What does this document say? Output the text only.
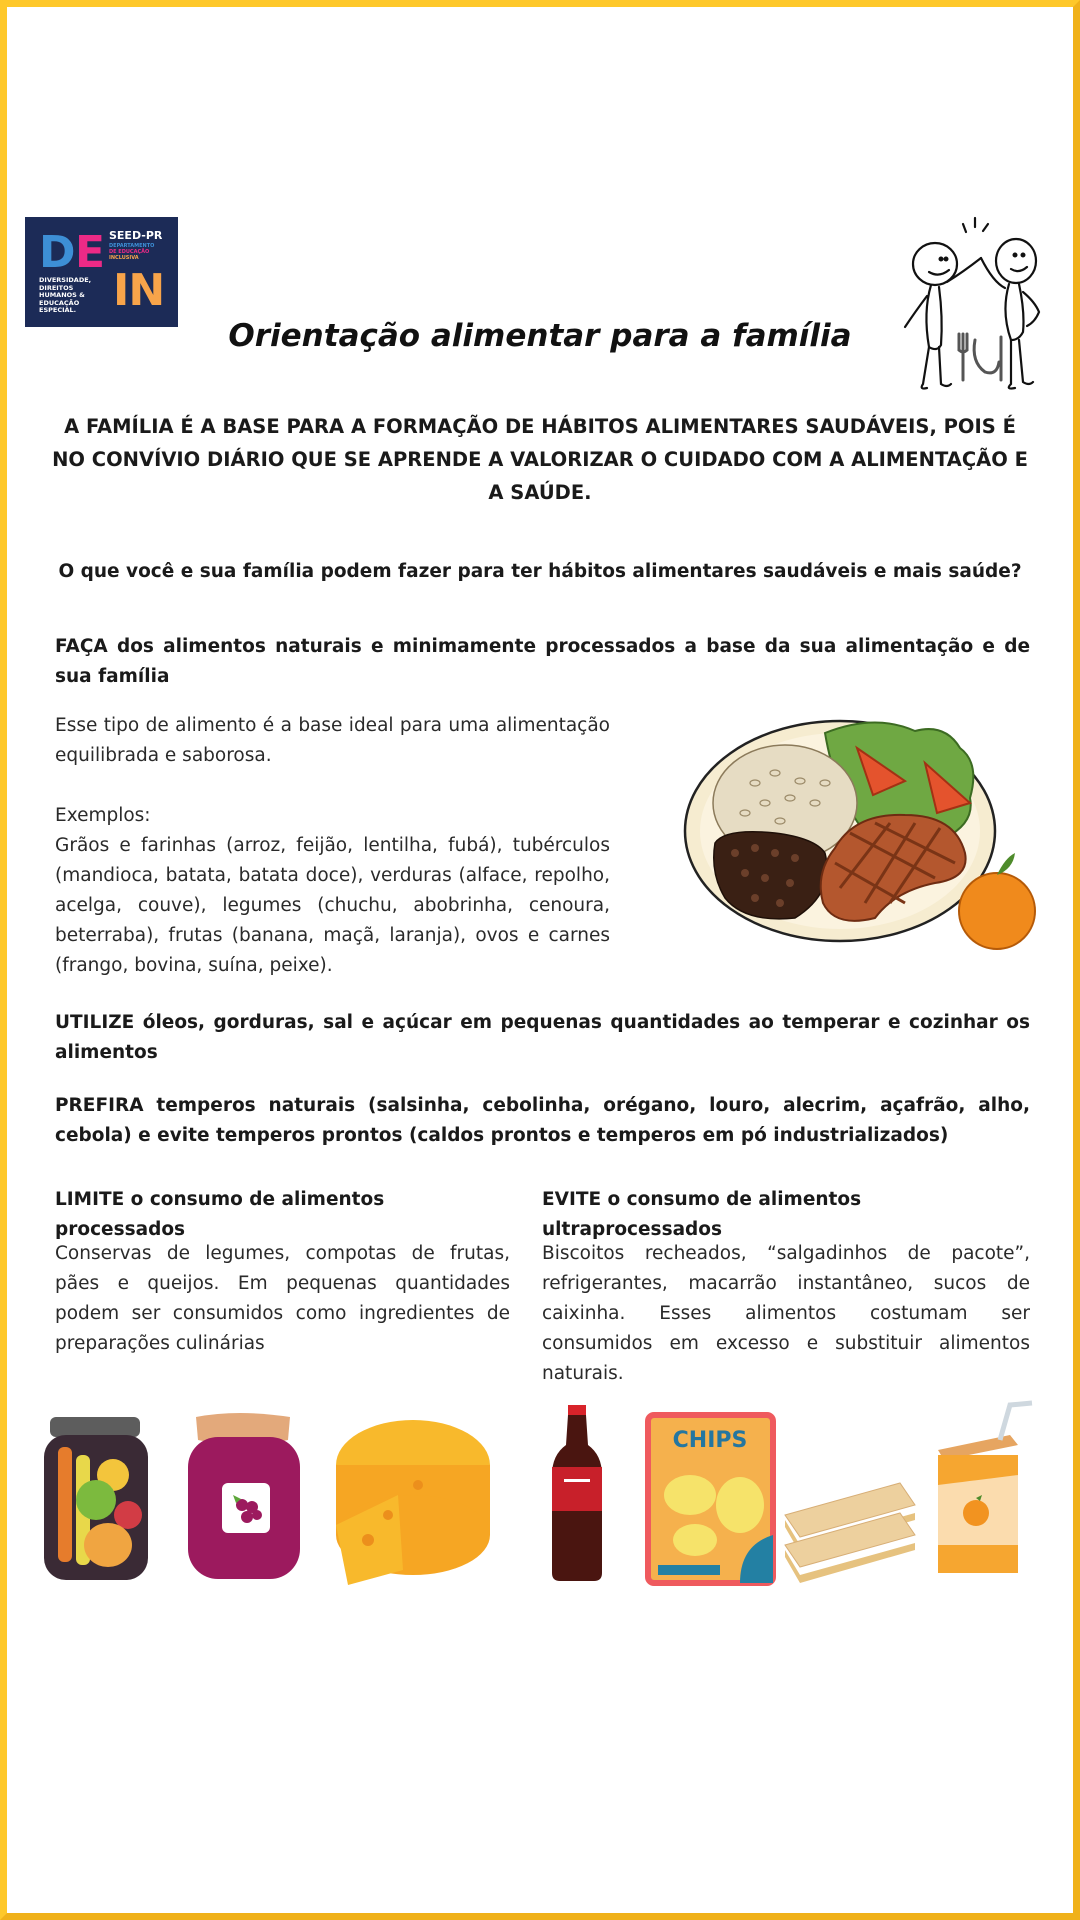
D E
IN
SEED-PR
DEPARTAMENTO
DE EDUCAÇÃO
INCLUSIVA
DIVERSIDADE,
DIREITOS
HUMANOS &
EDUCAÇÃO
ESPECIAL.
Orientação alimentar para a família
A FAMÍLIA É A BASE PARA A FORMAÇÃO DE HÁBITOS ALIMENTARES SAUDÁVEIS, POIS É NO CONVÍVIO DIÁRIO QUE SE APRENDE A VALORIZAR O CUIDADO COM A ALIMENTAÇÃO E A SAÚDE.
O que você e sua família podem fazer para ter hábitos alimentares saudáveis e mais saúde?
FAÇA dos alimentos naturais e minimamente processados a base da sua alimentação e de sua família
Esse tipo de alimento é a base ideal para uma alimentação equilibrada e saborosa.
Exemplos:
Grãos e farinhas (arroz, feijão, lentilha, fubá), tubérculos (mandioca, batata, batata doce), verduras (alface, repolho, acelga, couve), legumes (chuchu, abobrinha, cenoura, beterraba), frutas (banana, maçã, laranja), ovos e carnes (frango, bovina, suína, peixe).
UTILIZE óleos, gorduras, sal e açúcar em pequenas quantidades ao temperar e cozinhar os alimentos
PREFIRA temperos naturais (salsinha, cebolinha, orégano, louro, alecrim, açafrão, alho, cebola) e evite temperos prontos (caldos prontos e temperos em pó industrializados)
LIMITE o consumo de alimentos processados
EVITE o consumo de alimentos ultraprocessados
Conservas de legumes, compotas de frutas, pães e queijos. Em pequenas quantidades podem ser consumidos como ingredientes de preparações culinárias
Biscoitos recheados, “salgadinhos de pacote”, refrigerantes, macarrão instantâneo, sucos de caixinha. Esses alimentos costumam ser consumidos em excesso e substituir alimentos naturais.
CHIPS
